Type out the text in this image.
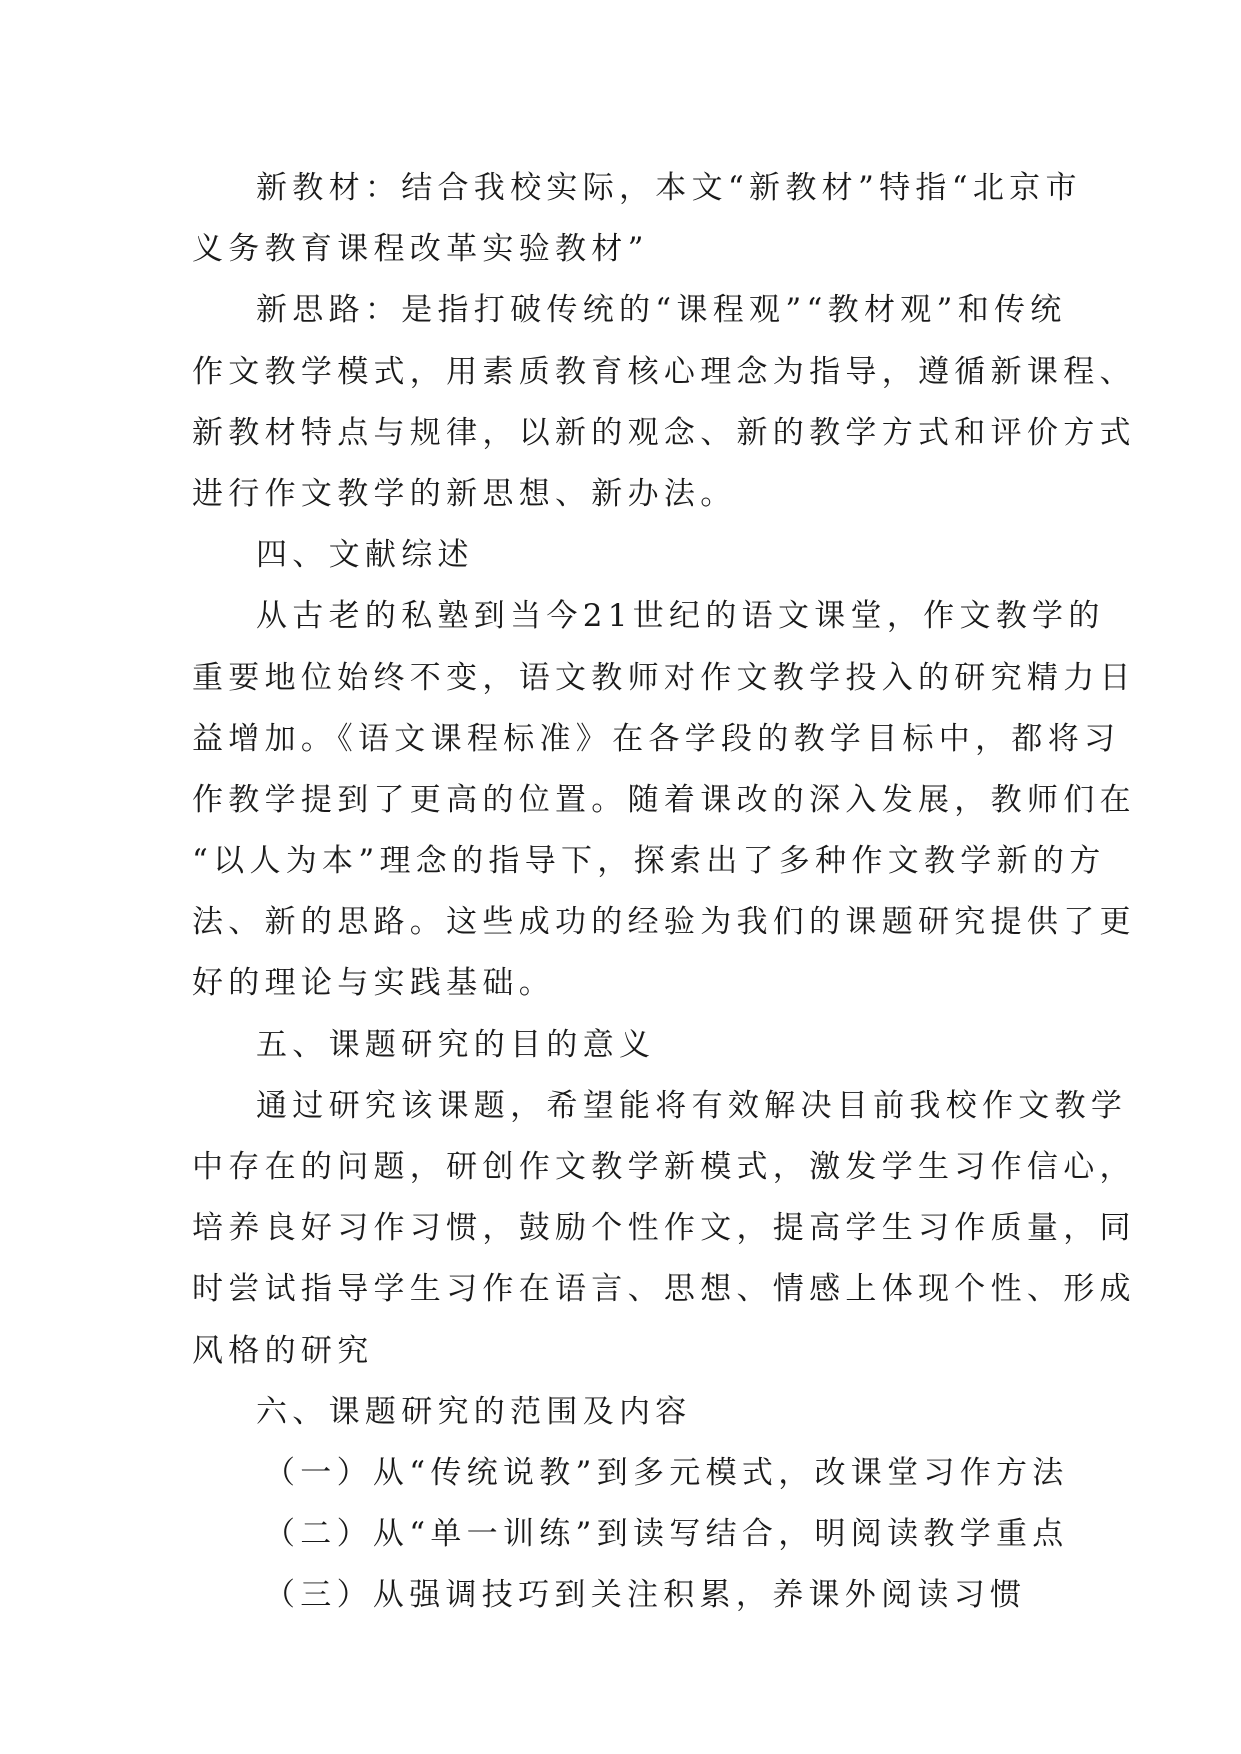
新教材：结合我校实际，本文“新教材”特指“北京市
义务教育课程改革实验教材”
新思路：是指打破传统的“课程观”“教材观”和传统
作文教学模式，用素质教育核心理念为指导，遵循新课程、
新教材特点与规律，以新的观念、新的教学方式和评价方式
进行作文教学的新思想、新办法。
四、文献综述
从古老的私塾到当今21世纪的语文课堂，作文教学的
重要地位始终不变，语文教师对作文教学投入的研究精力日
益增加。《语文课程标准》在各学段的教学目标中，都将习
作教学提到了更高的位置。随着课改的深入发展，教师们在
“以人为本”理念的指导下，探索出了多种作文教学新的方
法、新的思路。这些成功的经验为我们的课题研究提供了更
好的理论与实践基础。
五、课题研究的目的意义
通过研究该课题，希望能将有效解决目前我校作文教学
中存在的问题，研创作文教学新模式，激发学生习作信心，
培养良好习作习惯，鼓励个性作文，提高学生习作质量，同
时尝试指导学生习作在语言、思想、情感上体现个性、形成
风格的研究
六、课题研究的范围及内容
（一）从“传统说教”到多元模式，改课堂习作方法
（二）从“单一训练”到读写结合，明阅读教学重点
（三）从强调技巧到关注积累，养课外阅读习惯
